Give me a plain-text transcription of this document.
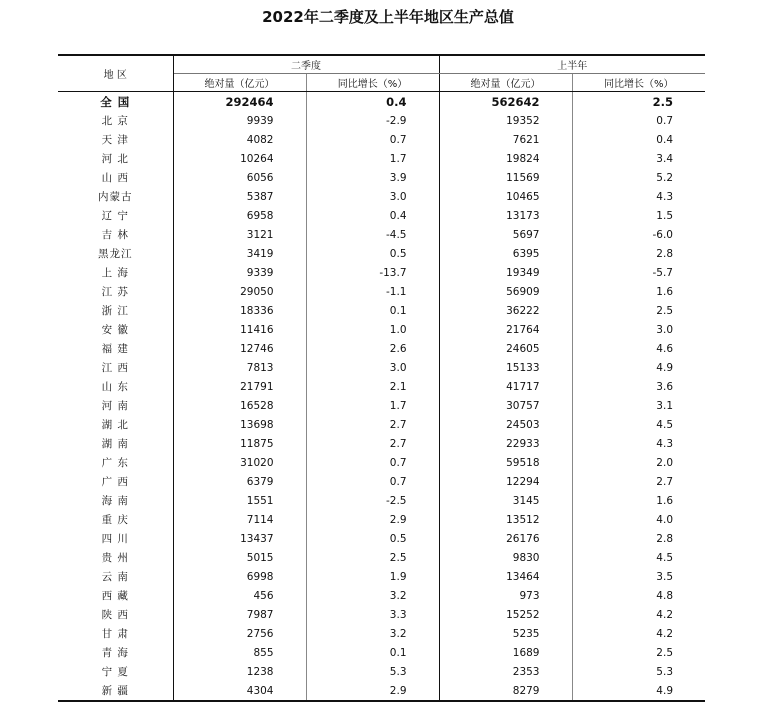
2022年二季度及上半年地区生产总值
地 区	二季度		上半年	
	绝对量（亿元）	同比增长（%）	绝对量（亿元）	同比增长（%）
全 国	292464	0.4	562642	2.5
北 京	9939	-2.9	19352	0.7
天 津	4082	0.7	7621	0.4
河 北	10264	1.7	19824	3.4
山 西	6056	3.9	11569	5.2
内蒙古	5387	3.0	10465	4.3
辽 宁	6958	0.4	13173	1.5
吉 林	3121	-4.5	5697	-6.0
黑龙江	3419	0.5	6395	2.8
上 海	9339	-13.7	19349	-5.7
江 苏	29050	-1.1	56909	1.6
浙 江	18336	0.1	36222	2.5
安 徽	11416	1.0	21764	3.0
福 建	12746	2.6	24605	4.6
江 西	7813	3.0	15133	4.9
山 东	21791	2.1	41717	3.6
河 南	16528	1.7	30757	3.1
湖 北	13698	2.7	24503	4.5
湖 南	11875	2.7	22933	4.3
广 东	31020	0.7	59518	2.0
广 西	6379	0.7	12294	2.7
海 南	1551	-2.5	3145	1.6
重 庆	7114	2.9	13512	4.0
四 川	13437	0.5	26176	2.8
贵 州	5015	2.5	9830	4.5
云 南	6998	1.9	13464	3.5
西 藏	456	3.2	973	4.8
陕 西	7987	3.3	15252	4.2
甘 肃	2756	3.2	5235	4.2
青 海	855	0.1	1689	2.5
宁 夏	1238	5.3	2353	5.3
新 疆	4304	2.9	8279	4.9
